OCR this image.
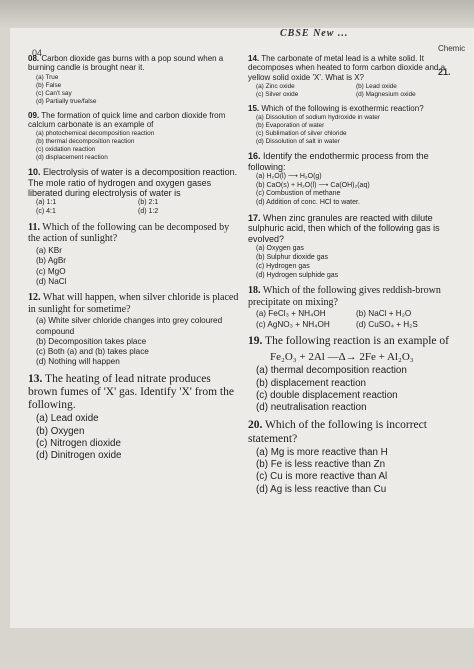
CBSE New ...
04
08. Carbon dioxide gas burns with a pop sound when a burning candle is brought near it.
(a) True
(b) False
(c) Can't say
(d) Partially true/false
09. The formation of quick lime and carbon dioxide from calcium carbonate is an example of
(a) photochemical decomposition reaction
(b) thermal decomposition reaction
(c) oxidation reaction
(d) displacement reaction
10. Electrolysis of water is a decomposition reaction. The mole ratio of hydrogen and oxygen gases liberated during electrolysis of water is
(a) 1:1	(b) 2:1
(c) 4:1	(d) 1:2
11. Which of the following can be decomposed by the action of sunlight?
(a) KBr
(b) AgBr
(c) MgO
(d) NaCl
12. What will happen, when silver chloride is placed in sunlight for sometime?
(a) White silver chloride changes into grey coloured compound
(b) Decomposition takes place
(c) Both (a) and (b) takes place
(d) Nothing will happen
13. The heating of lead nitrate produces brown fumes of 'X' gas. Identify 'X' from the following.
(a) Lead oxide
(b) Oxygen
(c) Nitrogen dioxide
(d) Dinitrogen oxide
14. The carbonate of metal lead is a white solid. It decomposes when heated to form carbon dioxide and a yellow solid oxide 'X'. What is X?
(a) Zinc oxide	(b) Lead oxide
(c) Silver oxide	(d) Magnesium oxide
15. Which of the following is exothermic reaction?
(a) Dissolution of sodium hydroxide in water
(b) Evaporation of water
(c) Sublimation of silver chloride
(d) Dissolution of salt in water
16. Identify the endothermic process from the following:
(a) H₂O(l) ⟶ H₂O(g)
(b) CaO(s) + H₂O(l) ⟶ Ca(OH)₂(aq)
(c) Combustion of methane
(d) Addition of conc. HCl to water.
17. When zinc granules are reacted with dilute sulphuric acid, then which of the following gas is evolved?
(a) Oxygen gas
(b) Sulphur dioxide gas
(c) Hydrogen gas
(d) Hydrogen sulphide gas
18. Which of the following gives reddish-brown precipitate on mixing?
(a) FeCl₃ + NH₄OH	(b) NaCl + H₂O
(c) AgNO₃ + NH₄OH	(d) CuSO₄ + H₂S
19. The following reaction is an example of
Fe₂O₃ + 2Al —Δ→ 2Fe + Al₂O₃
(a) thermal decomposition reaction
(b) displacement reaction
(c) double displacement reaction
(d) neutralisation reaction
20. Which of the following is incorrect statement?
(a) Mg is more reactive than H
(b) Fe is less reactive than Zn
(c) Cu is more reactive than Al
(d) Ag is less reactive than Cu
Chemic
21.
